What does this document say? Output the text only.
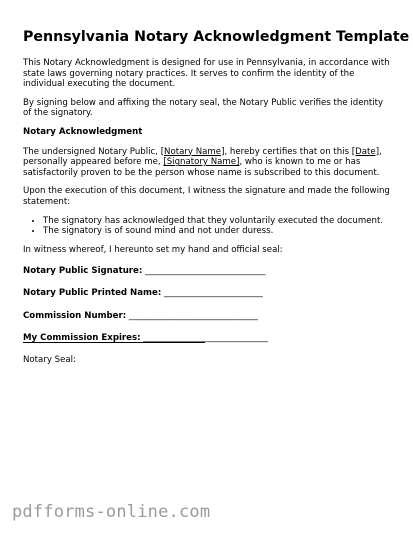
Pennsylvania Notary Acknowledgment Template

This Notary Acknowledgment is designed for use in Pennsylvania, in accordance with state laws governing notary practices. It serves to confirm the identity of the individual executing the document.

By signing below and affixing the notary seal, the Notary Public verifies the identity of the signatory.

Notary Acknowledgment

The undersigned Notary Public, [Notary Name], hereby certifies that on this [Date], personally appeared before me, [Signatory Name], who is known to me or has satisfactorily proven to be the person whose name is subscribed to this document.

Upon the execution of this document, I witness the signature and made the following statement:

• The signatory has acknowledged that they voluntarily executed the document.
• The signatory is of sound mind and not under duress.

In witness whereof, I hereunto set my hand and official seal:

Notary Public Signature: ____________________________
Notary Public Printed Name: _______________________
Commission Number: ______________________________
My Commission Expires: _____________________________
Notary Seal:
pdfforms-online.com
